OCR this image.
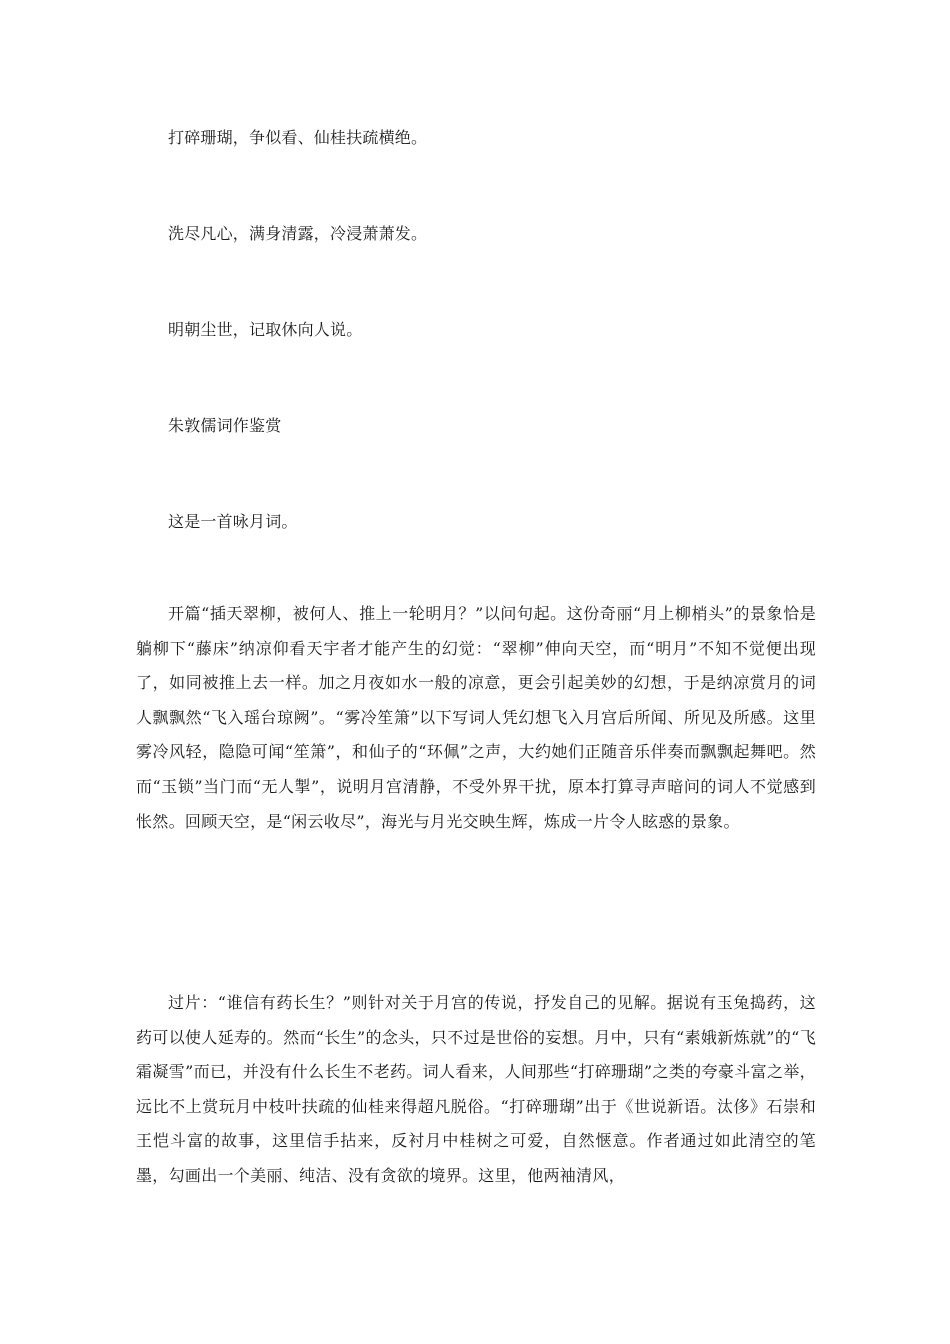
打碎珊瑚，争似看、仙桂扶疏横绝。
洗尽凡心，满身清露，冷浸萧萧发。
明朝尘世，记取休向人说。
朱敦儒词作鉴赏
这是一首咏月词。

开篇“插天翠柳，被何人、推上一轮明月？”以问句起。这份奇丽“月上柳梢头”的景象恰是躺柳下“藤床”纳凉仰看天宇者才能产生的幻觉：“翠柳”伸向天空，而“明月”不知不觉便出现了，如同被推上去一样。加之月夜如水一般的凉意，更会引起美妙的幻想，于是纳凉赏月的词人飘飘然“飞入瑶台琼阙”。“雾冷笙箫”以下写词人凭幻想飞入月宫后所闻、所见及所感。这里雾冷风轻，隐隐可闻“笙箫”，和仙子的“环佩”之声，大约她们正随音乐伴奏而飘飘起舞吧。然而“玉锁”当门而“无人掣”，说明月宫清静，不受外界干扰，原本打算寻声暗问的词人不觉感到怅然。回顾天空，是“闲云收尽”，海光与月光交映生辉，炼成一片令人眩惑的景象。

过片：“谁信有药长生？”则针对关于月宫的传说，抒发自己的见解。据说有玉兔捣药，这药可以使人延寿的。然而“长生”的念头，只不过是世俗的妄想。月中，只有“素娥新炼就”的“飞霜凝雪”而已，并没有什么长生不老药。词人看来，人间那些“打碎珊瑚”之类的夸豪斗富之举，远比不上赏玩月中枝叶扶疏的仙桂来得超凡脱俗。“打碎珊瑚”出于《世说新语。汰侈》石崇和王恺斗富的故事，这里信手拈来，反衬月中桂树之可爱，自然惬意。作者通过如此清空的笔墨，勾画出一个美丽、纯洁、没有贪欲的境界。这里，他两袖清风，
